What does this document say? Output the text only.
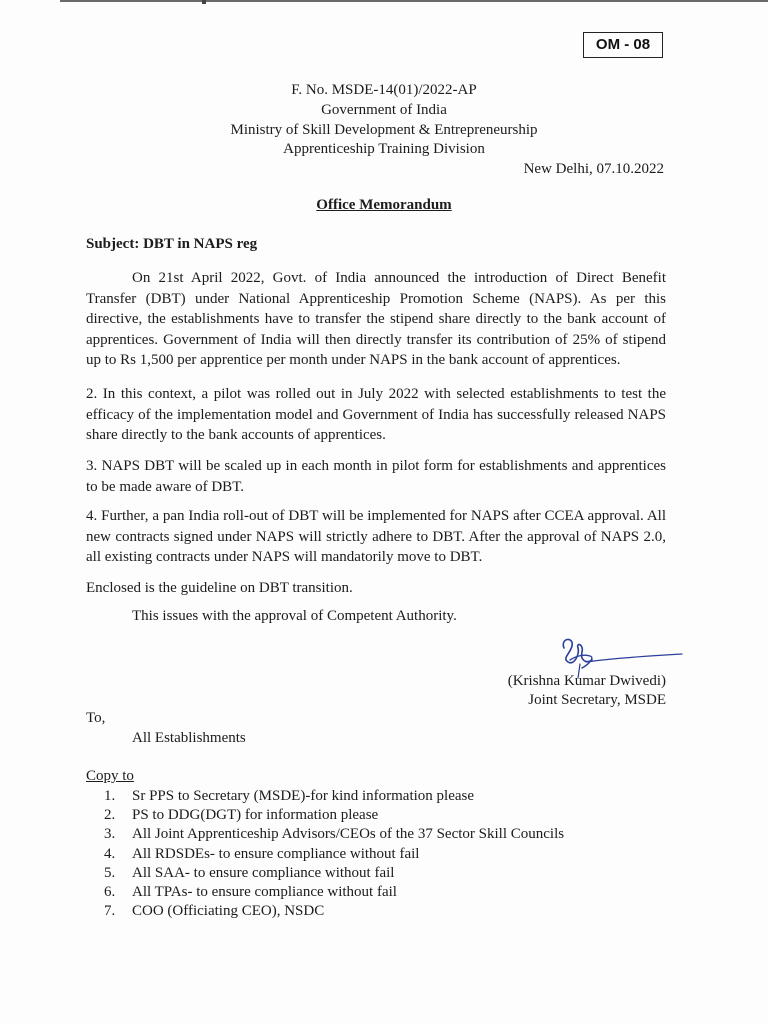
OM - 08
F. No. MSDE-14(01)/2022-AP
Government of India
Ministry of Skill Development & Entrepreneurship
Apprenticeship Training Division
New Delhi, 07.10.2022
Office Memorandum
Subject: DBT in NAPS reg

On 21st April 2022, Govt. of India announced the introduction of Direct Benefit Transfer (DBT) under National Apprenticeship Promotion Scheme (NAPS). As per this directive, the establishments have to transfer the stipend share directly to the bank account of apprentices. Government of India will then directly transfer its contribution of 25% of stipend up to Rs 1,500 per apprentice per month under NAPS in the bank account of apprentices.

2. In this context, a pilot was rolled out in July 2022 with selected establishments to test the efficacy of the implementation model and Government of India has successfully released NAPS share directly to the bank accounts of apprentices.

3. NAPS DBT will be scaled up in each month in pilot form for establishments and apprentices to be made aware of DBT.

4. Further, a pan India roll-out of DBT will be implemented for NAPS after CCEA approval. All new contracts signed under NAPS will strictly adhere to DBT. After the approval of NAPS 2.0, all existing contracts under NAPS will mandatorily move to DBT.

Enclosed is the guideline on DBT transition.

This issues with the approval of Competent Authority.
(Krishna Kumar Dwivedi)
Joint Secretary, MSDE
To,
All Establishments
Copy to
1. Sr PPS to Secretary (MSDE)-for kind information please
2. PS to DDG(DGT) for information please
3. All Joint Apprenticeship Advisors/CEOs of the 37 Sector Skill Councils
4. All RDSDEs- to ensure compliance without fail
5. All SAA- to ensure compliance without fail
6. All TPAs- to ensure compliance without fail
7. COO (Officiating CEO), NSDC
